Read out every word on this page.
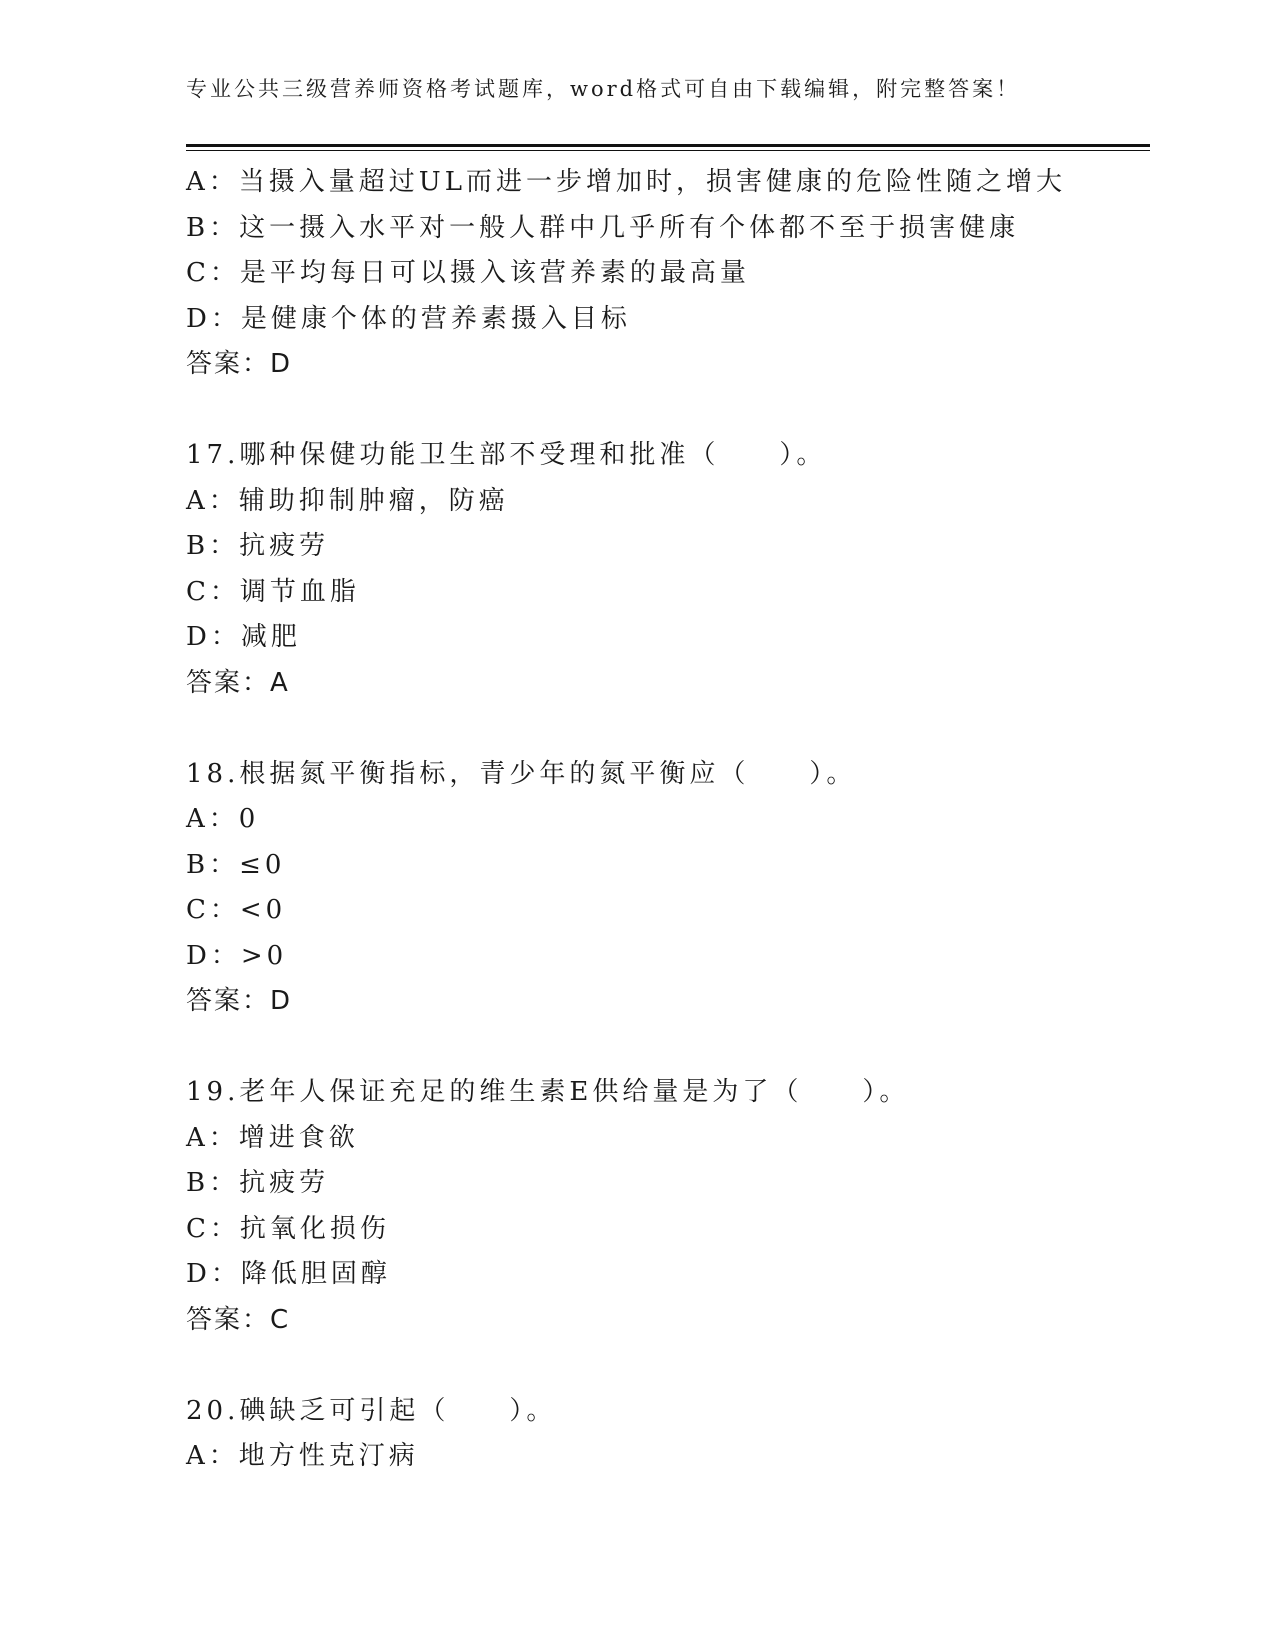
专业公共三级营养师资格考试题库，word格式可自由下载编辑，附完整答案！
A：当摄入量超过UL而进一步增加时，损害健康的危险性随之增大
B：这一摄入水平对一般人群中几乎所有个体都不至于损害健康
C：是平均每日可以摄入该营养素的最高量
D：是健康个体的营养素摄入目标
答案：D
17.哪种保健功能卫生部不受理和批准（　　）。
A：辅助抑制肿瘤，防癌
B：抗疲劳
C：调节血脂
D：减肥
答案：A
18.根据氮平衡指标，青少年的氮平衡应（　　）。
A：0
B：≤0
C：<0
D：>0
答案：D
19.老年人保证充足的维生素E供给量是为了（　　）。
A：增进食欲
B：抗疲劳
C：抗氧化损伤
D：降低胆固醇
答案：C
20.碘缺乏可引起（　　）。
A：地方性克汀病
